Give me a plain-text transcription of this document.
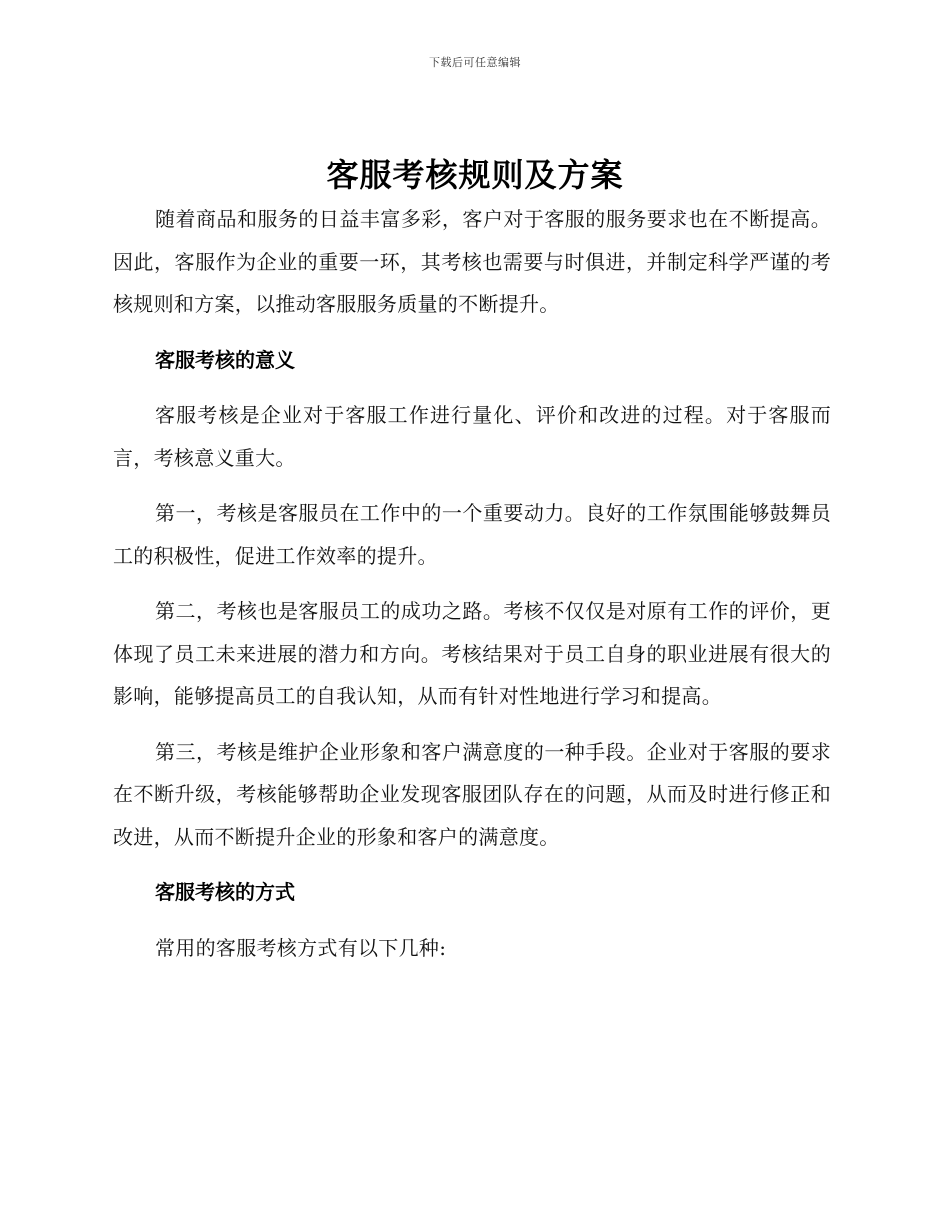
下载后可任意编辑
客服考核规则及方案

随着商品和服务的日益丰富多彩，客户对于客服的服务要求也在不断提高。因此，客服作为企业的重要一环，其考核也需要与时俱进，并制定科学严谨的考核规则和方案，以推动客服服务质量的不断提升。

客服考核的意义

客服考核是企业对于客服工作进行量化、评价和改进的过程。对于客服而言，考核意义重大。

第一，考核是客服员在工作中的一个重要动力。良好的工作氛围能够鼓舞员工的积极性，促进工作效率的提升。

第二，考核也是客服员工的成功之路。考核不仅仅是对原有工作的评价，更体现了员工未来进展的潜力和方向。考核结果对于员工自身的职业进展有很大的影响，能够提高员工的自我认知，从而有针对性地进行学习和提高。

第三，考核是维护企业形象和客户满意度的一种手段。企业对于客服的要求在不断升级，考核能够帮助企业发现客服团队存在的问题，从而及时进行修正和改进，从而不断提升企业的形象和客户的满意度。

客服考核的方式

常用的客服考核方式有以下几种:
